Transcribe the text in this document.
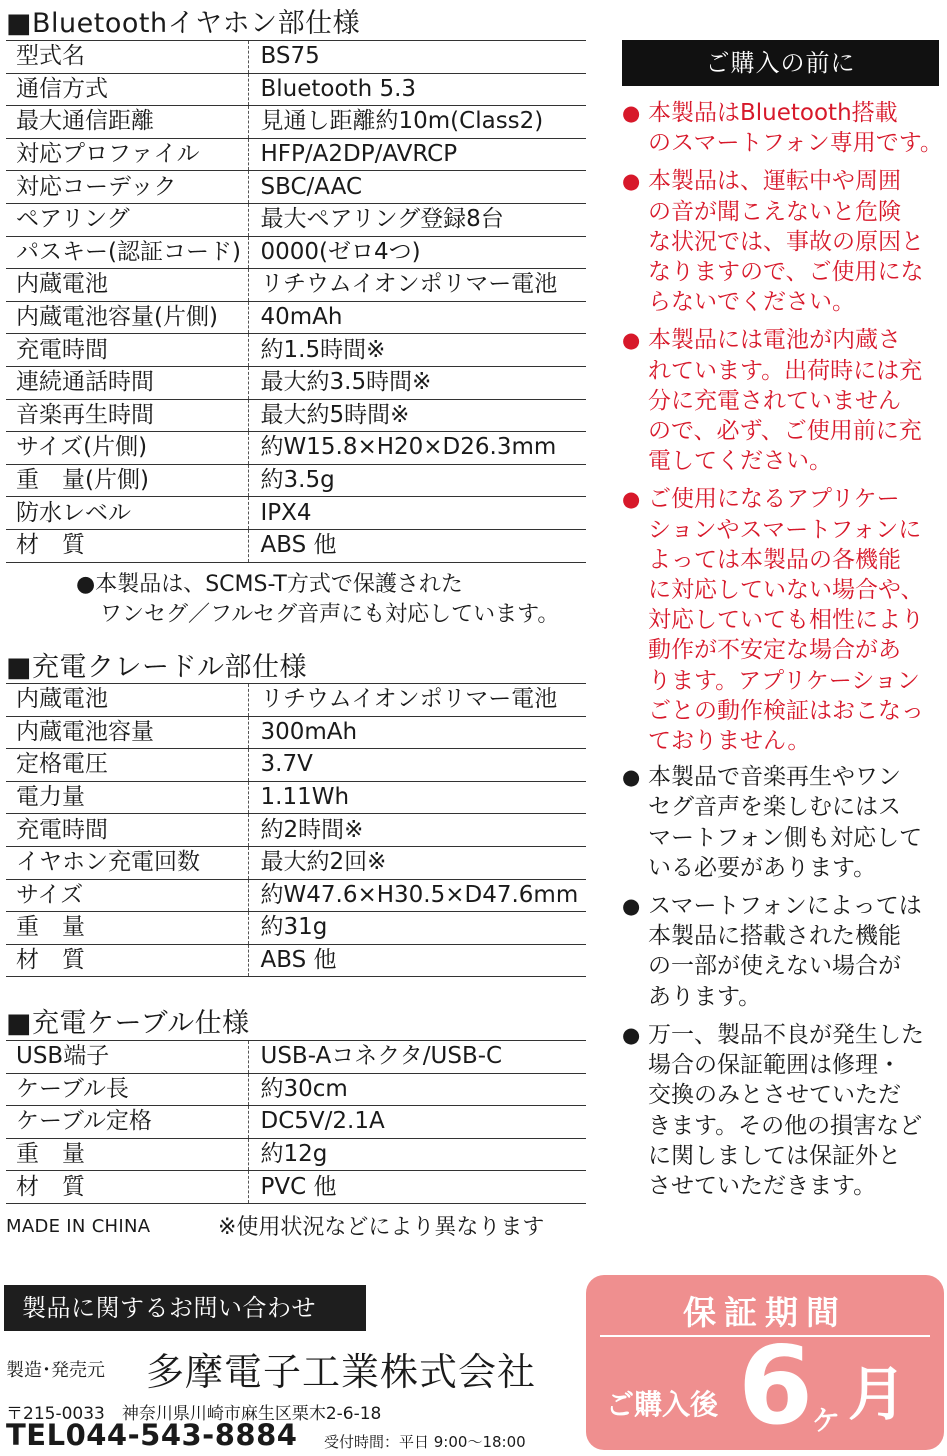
■Bluetoothイヤホン部仕様
型式名	BS75
通信方式	Bluetooth 5.3
最大通信距離	見通し距離約10m(Class2)
対応プロファイル	HFP/A2DP/AVRCP
対応コーデック	SBC/AAC
ペアリング	最大ペアリング登録8台
パスキー(認証コード)	0000(ゼロ4つ)
内蔵電池	リチウムイオンポリマー電池
内蔵電池容量(片側)	40mAh
充電時間	約1.5時間※
連続通話時間	最大約3.5時間※
音楽再生時間	最大約5時間※
サイズ(片側)	約W15.8×H20×D26.3mm
重　量(片側)	約3.5g
防水レベル	IPX4
材　質	ABS 他
●本製品は、SCMS-T方式で保護された
ワンセグ／フルセグ音声にも対応しています。
■充電クレードル部仕様
内蔵電池	リチウムイオンポリマー電池
内蔵電池容量	300mAh
定格電圧	3.7V
電力量	1.11Wh
充電時間	約2時間※
イヤホン充電回数	最大約2回※
サイズ	約W47.6×H30.5×D47.6mm
重　量	約31g
材　質	ABS 他
■充電ケーブル仕様
USB端子	USB-Aコネクタ/USB-C
ケーブル長	約30cm
ケーブル定格	DC5V/2.1A
重　量	約12g
材　質	PVC 他
MADE IN CHINA	※使用状況などにより異なります
ご購入の前に
● 本製品はBluetooth搭載
のスマートフォン専用です。
● 本製品は、運転中や周囲
の音が聞こえないと危険
な状況では、事故の原因と
なりますので、ご使用にな
らないでください。
● 本製品には電池が内蔵さ
れています。出荷時には充
分に充電されていません
ので、必ず、ご使用前に充
電してください。
● ご使用になるアプリケー
ションやスマートフォンに
よっては本製品の各機能
に対応していない場合や、
対応していても相性により
動作が不安定な場合があ
ります。アプリケーション
ごとの動作検証はおこなっ
ておりません。
● 本製品で音楽再生やワン
セグ音声を楽しむにはス
マートフォン側も対応して
いる必要があります。
● スマートフォンによっては
本製品に搭載された機能
の一部が使えない場合が
あります。
● 万一、製品不良が発生した
場合の保証範囲は修理・
交換のみとさせていただ
きます。その他の損害など
に関しましては保証外と
させていただきます。
製品に関するお問い合わせ
製造･発売元 多摩電子工業株式会社
〒215-0033　神奈川県川崎市麻生区栗木2-6-18
TEL044-543-8884 受付時間：平日 9:00～18:00
保証期間
ご購入後 6
ケ 月
